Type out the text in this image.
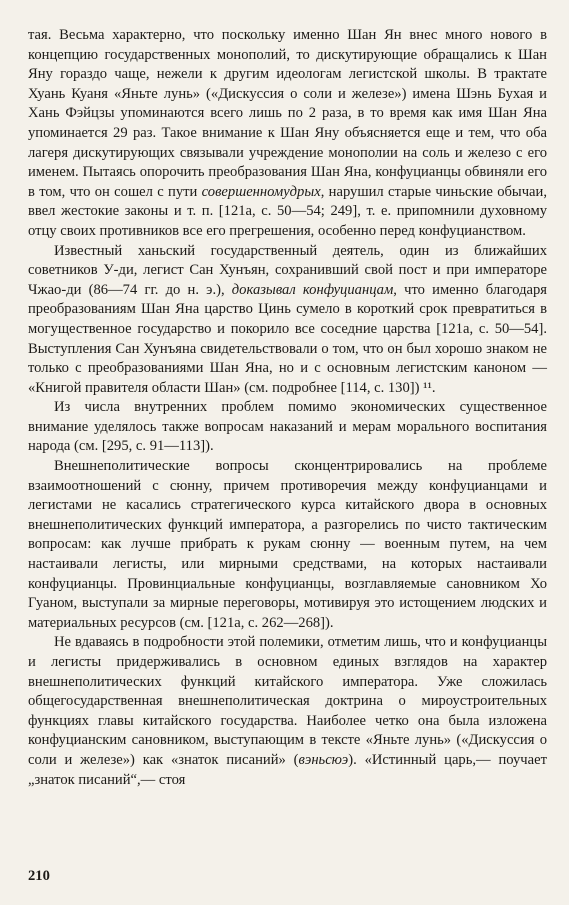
тая. Весьма характерно, что поскольку именно Шан Ян внес много нового в концепцию государственных монополий, то дискутирующие обращались к Шан Яну гораздо чаще, нежели к другим идеологам легистской школы. В трактате Хуань Куаня «Яньте лунь» («Дискуссия о соли и железе») имена Шэнь Бухая и Хань Фэйцзы упоминаются всего лишь по 2 раза, в то время как имя Шан Яна упоминается 29 раз. Такое внимание к Шан Яну объясняется еще и тем, что оба лагеря дискутирующих связывали учреждение монополии на соль и железо с его именем. Пытаясь опорочить преобразования Шан Яна, конфуцианцы обвиняли его в том, что он сошел с пути совершенномудрых, нарушил старые чиньские обычаи, ввел жестокие законы и т. п. [121а, с. 50—54; 249], т. е. припомнили духовному отцу своих противников все его прегрешения, особенно перед конфуцианством.

Известный ханьский государственный деятель, один из ближайших советников У-ди, легист Сан Хунъян, сохранивший свой пост и при императоре Чжао-ди (86—74 гг. до н. э.), доказывал конфуцианцам, что именно благодаря преобразованиям Шан Яна царство Цинь сумело в короткий срок превратиться в могущественное государство и покорило все соседние царства [121а, с. 50—54]. Выступления Сан Хунъяна свидетельствовали о том, что он был хорошо знаком не только с преобразованиями Шан Яна, но и с основным легистским каноном — «Книгой правителя области Шан» (см. подробнее [114, с. 130]) ¹¹.

Из числа внутренних проблем помимо экономических существенное внимание уделялось также вопросам наказаний и мерам морального воспитания народа (см. [295, с. 91—113]).

Внешнеполитические вопросы сконцентрировались на проблеме взаимоотношений с сюнну, причем противоречия между конфуцианцами и легистами не касались стратегического курса китайского двора в основных внешнеполитических функций императора, а разгорелись по чисто тактическим вопросам: как лучше прибрать к рукам сюнну — военным путем, на чем настаивали легисты, или мирными средствами, на которых настаивали конфуцианцы. Провинциальные конфуцианцы, возглавляемые сановником Хо Гуаном, выступали за мирные переговоры, мотивируя это истощением людских и материальных ресурсов (см. [121а, с. 262—268]).

Не вдаваясь в подробности этой полемики, отметим лишь, что и конфуцианцы и легисты придерживались в основном единых взглядов на характер внешнеполитических функций китайского императора. Уже сложилась общегосударственная внешнеполитическая доктрина о мироустроительных функциях главы китайского государства. Наиболее четко она была изложена конфуцианским сановником, выступающим в тексте «Яньте лунь» («Дискуссия о соли и железе») как «знаток писаний» (вэньсюэ). «Истинный царь,— поучает „знаток писаний“,— стоя

210
